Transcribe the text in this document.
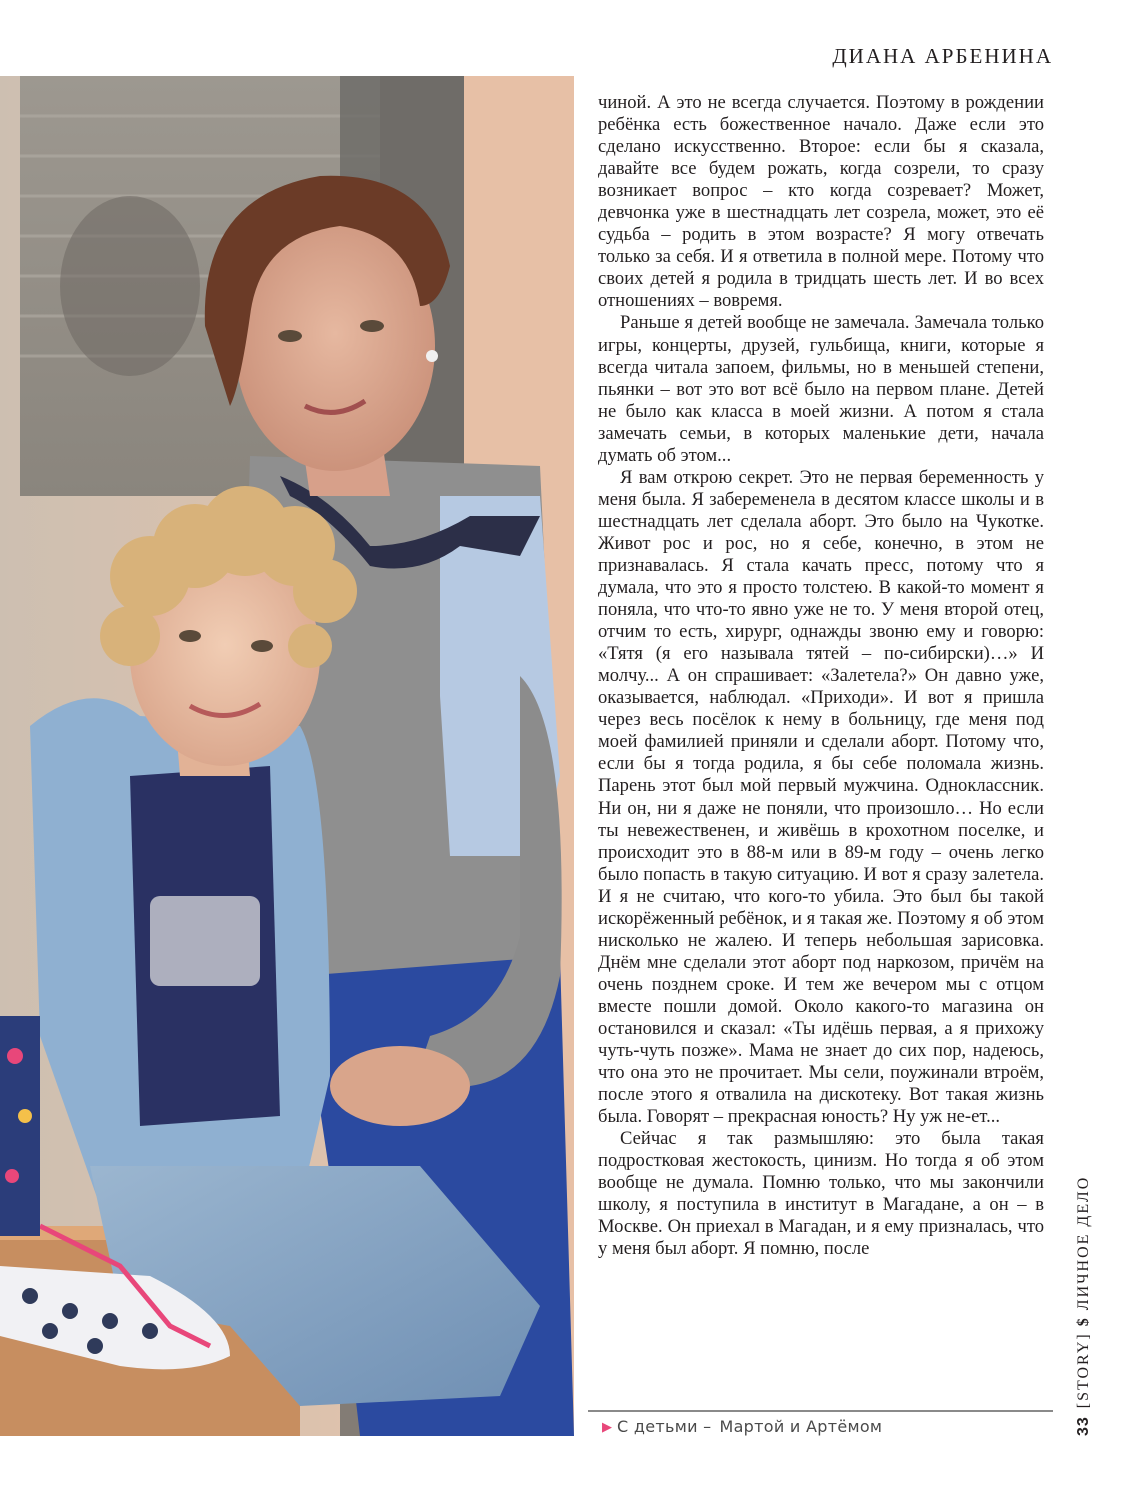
ДИАНА АРБЕНИНА

чиной. А это не всегда случается. Поэтому в рождении ребёнка есть божественное начало. Даже если это сделано искусственно. Второе: если бы я сказала, давайте все будем рожать, когда созрели, то сразу возникает вопрос – кто когда созревает? Может, девчонка уже в шестнадцать лет созрела, может, это её судьба – родить в этом возрасте? Я могу отвечать только за себя. И я ответила в полной мере. Потому что своих детей я родила в тридцать шесть лет. И во всех отношениях – вовремя.

Раньше я детей вообще не замечала. Замечала только игры, концерты, друзей, гульбища, книги, которые я всегда читала запоем, фильмы, но в меньшей степени, пьянки – вот это вот всё было на первом плане. Детей не было как класса в моей жизни. А потом я стала замечать семьи, в которых маленькие дети, начала думать об этом...

Я вам открою секрет. Это не первая беременность у меня была. Я забеременела в десятом классе школы и в шестнадцать лет сделала аборт. Это было на Чукотке. Живот рос и рос, но я себе, конечно, в этом не признавалась. Я стала качать пресс, потому что я думала, что это я просто толстею. В какой-то момент я поняла, что что-то явно уже не то. У меня второй отец, отчим то есть, хирург, однажды звоню ему и говорю: «Тятя (я его называла тятей – по-сибирски)…» И молчу... А он спрашивает: «Залетела?» Он давно уже, оказывается, наблюдал. «Приходи». И вот я пришла через весь посёлок к нему в больницу, где меня под моей фамилией приняли и сделали аборт. Потому что, если бы я тогда родила, я бы себе поломала жизнь. Парень этот был мой первый мужчина. Одноклассник. Ни он, ни я даже не поняли, что произошло… Но если ты невежественен, и живёшь в крохотном поселке, и происходит это в 88-м или в 89-м году – очень легко было попасть в такую ситуацию. И вот я сразу залетела. И я не считаю, что кого-то убила. Это был бы такой искорёженный ребёнок, и я такая же. Поэтому я об этом нисколько не жалею. И теперь небольшая зарисовка. Днём мне сделали этот аборт под наркозом, причём на очень позднем сроке. И тем же вечером мы с отцом вместе пошли домой. Около какого-то магазина он остановился и сказал: «Ты идёшь первая, а я прихожу чуть-чуть позже». Мама не знает до сих пор, надеюсь, что она это не прочитает. Мы сели, поужинали втроём, после этого я отвалила на дискотеку. Вот такая жизнь была. Говорят – прекрасная юность? Ну уж не-ет...

Сейчас я так размышляю: это была такая подростковая жестокость, цинизм. Но тогда я об этом вообще не думала. Помню только, что мы закончили школу, я поступила в институт в Магадане, а он – в Москве. Он приехал в Магадан, и я ему призналась, что у меня был аборт. Я помню, после

▶ С детьми – Мартой и Артёмом	33[STORY]$ЛИЧНОЕ ДЕЛО
